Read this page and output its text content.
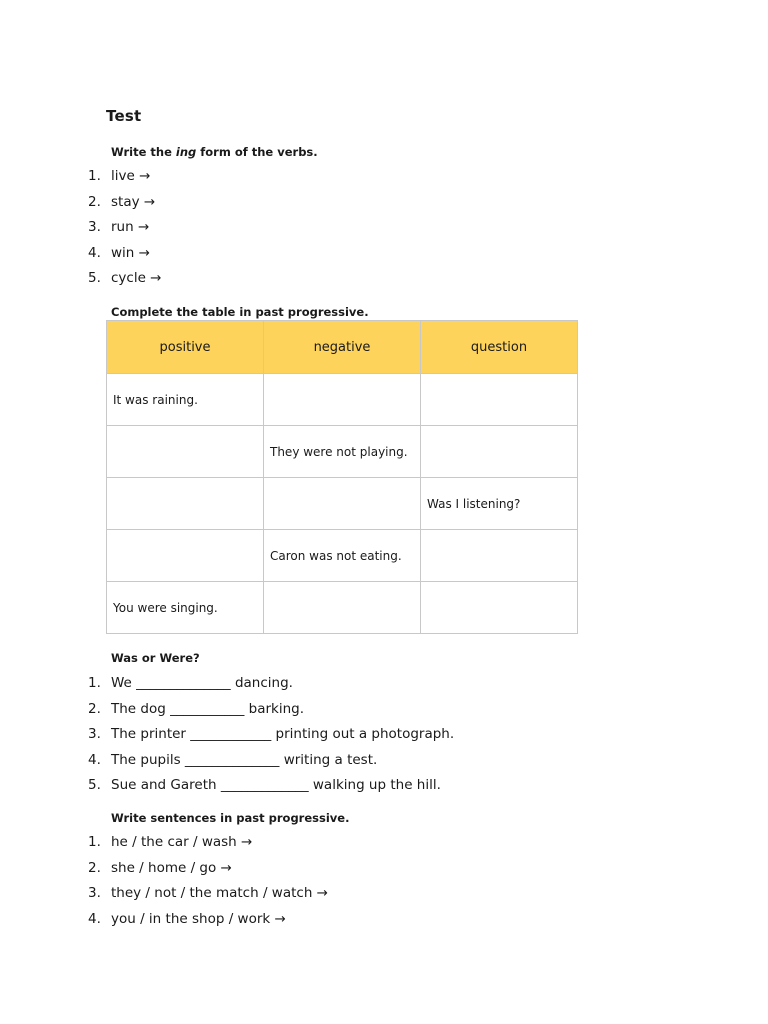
Test
Write the ing form of the verbs.
1. live →
2. stay →
3. run →
4. win →
5. cycle →
Complete the table in past progressive.
positive	negative	question
It was raining.		
	They were not playing.	
		Was I listening?
	Caron was not eating.	
You were singing.		
Was or Were?
1. We ______________ dancing.
2. The dog ___________ barking.
3. The printer ____________ printing out a photograph.
4. The pupils ______________ writing a test.
5. Sue and Gareth _____________ walking up the hill.
Write sentences in past progressive.
1. he / the car / wash →
2. she / home / go →
3. they / not / the match / watch →
4. you / in the shop / work →
